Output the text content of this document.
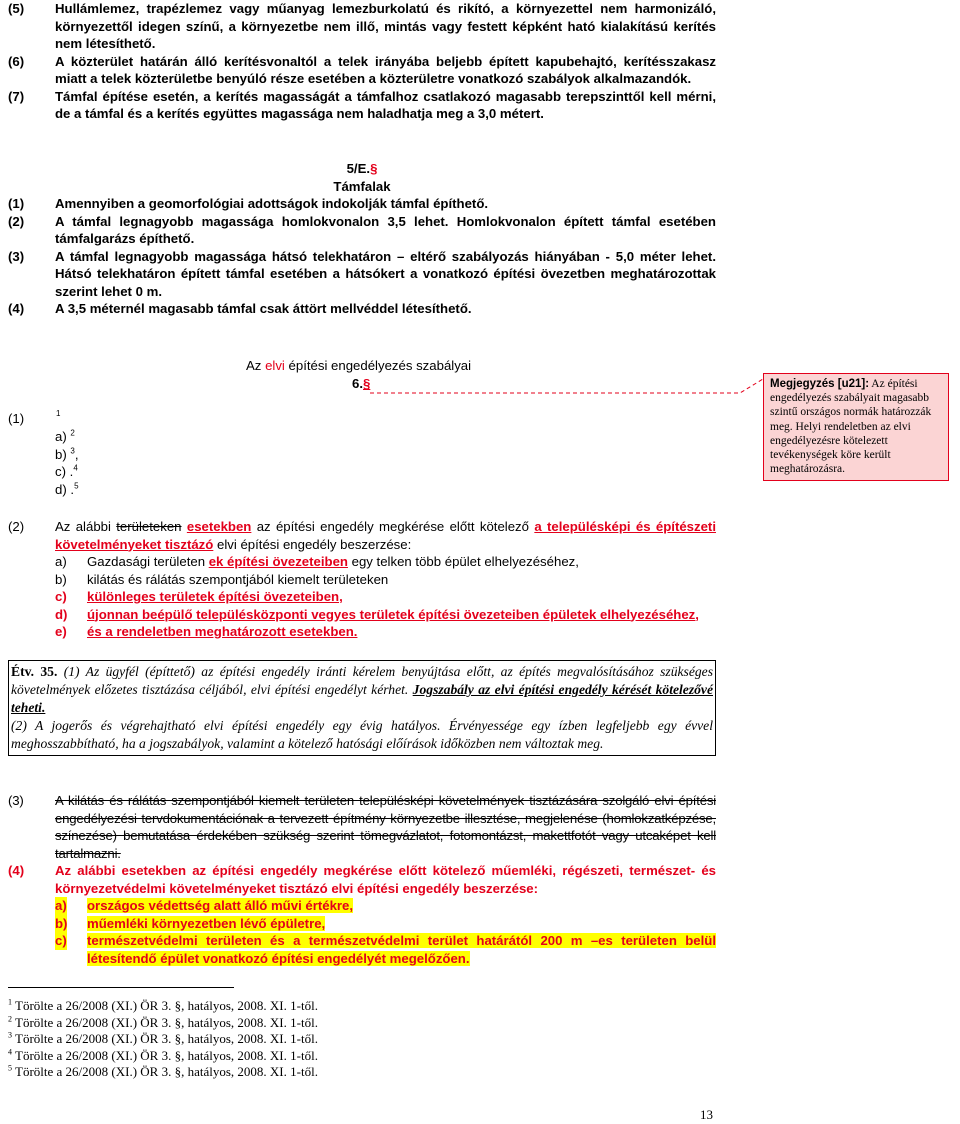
(5) Hullámlemez, trapézlemez vagy műanyag lemezburkolatú és rikító, a környezettel nem harmonizáló, környezettől idegen színű, a környezetbe nem illő, mintás vagy festett képként ható kialakítású kerítés nem létesíthető.
(6) A közterület határán álló kerítésvonaltól a telek irányába beljebb épített kapubehajtó, kerítésszakasz miatt a telek közterületbe benyúló része esetében a közterületre vonatkozó szabályok alkalmazandók.
(7) Támfal építése esetén, a kerítés magasságát a támfalhoz csatlakozó magasabb terepszinttől kell mérni, de a támfal és a kerítés együttes magassága nem haladhatja meg a 3,0 métert.
5/E.§
Támfalak
(1) Amennyiben a geomorfológiai adottságok indokolják támfal építhető.
(2) A támfal legnagyobb magassága homlokvonalon 3,5 lehet. Homlokvonalon épített támfal esetében támfalgarázs építhető.
(3) A támfal legnagyobb magassága hátsó telekhatáron – eltérő szabályozás hiányában - 5,0 méter lehet. Hátsó telekhatáron épített támfal esetében a hátsókert a vonatkozó építési övezetben meghatározottak szerint lehet 0 m.
(4) A 3,5 méternél magasabb támfal csak áttört mellvéddel létesíthető.
Az elvi építési engedélyezés szabályai
6.§
(1)	1
a) $^2$
b) $^3$,
c) .$^4$
d) .$^5$
Megjegyzés [u21]: Az építési engedélyezés szabályait magasabb szintű országos normák határozzák meg. Helyi rendeletben az elvi engedélyezésre kötelezett tevékenységek köre került meghatározásra.
(2) Az alábbi területeken esetekben az építési engedély megkérése előtt kötelező a településképi és építészeti követelményeket tisztázó elvi építési engedély beszerzése:
a) Gazdasági területen ek építési övezeteiben egy telken több épület elhelyezéséhez,
b) kilátás és rálátás szempontjából kiemelt területeken
c) különleges területek építési övezeteiben,
d) újonnan beépülő településközponti vegyes területek építési övezeteiben épületek elhelyezéséhez,
e) és a rendeletben meghatározott esetekben.
Étv. 35. (1) Az ügyfél (építtető) az építési engedély iránti kérelem benyújtása előtt, az építés megvalósításához szükséges követelmények előzetes tisztázása céljából, elvi építési engedélyt kérhet. Jogszabály az elvi építési engedély kérését kötelezővé teheti.
(2) A jogerős és végrehajtható elvi építési engedély egy évig hatályos. Érvényessége egy ízben legfeljebb egy évvel meghosszabbítható, ha a jogszabályok, valamint a kötelező hatósági előírások időközben nem változtak meg.
(3) A kilátás és rálátás szempontjából kiemelt területen településképi követelmények tisztázására szolgáló elvi építési engedélyezési tervdokumentációnak a tervezett építmény környezetbe illesztése, megjelenése (homlokzatképzése, színezése) bemutatása érdekében szükség szerint tömegvázlatot, fotomontázst, makettfotót vagy utcaképet kell tartalmazni.
(4) Az alábbi esetekben az építési engedély megkérése előtt kötelező műemléki, régészeti, természet- és környezetvédelmi követelményeket tisztázó elvi építési engedély beszerzése:
a) országos védettség alatt álló művi értékre,
b) műemléki környezetben lévő épületre,
c) természetvédelmi területen és a természetvédelmi terület határától 200 m –es területen belül létesítendő épület vonatkozó építési engedélyét megelőzően.
$^1$ Törölte a 26/2008 (XI.) ÖR 3. §, hatályos, 2008. XI. 1-től.
$^2$ Törölte a 26/2008 (XI.) ÖR 3. §, hatályos, 2008. XI. 1-től.
$^3$ Törölte a 26/2008 (XI.) ÖR 3. §, hatályos, 2008. XI. 1-től.
$^4$ Törölte a 26/2008 (XI.) ÖR 3. §, hatályos, 2008. XI. 1-től.
$^5$ Törölte a 26/2008 (XI.) ÖR 3. §, hatályos, 2008. XI. 1-től.
13
